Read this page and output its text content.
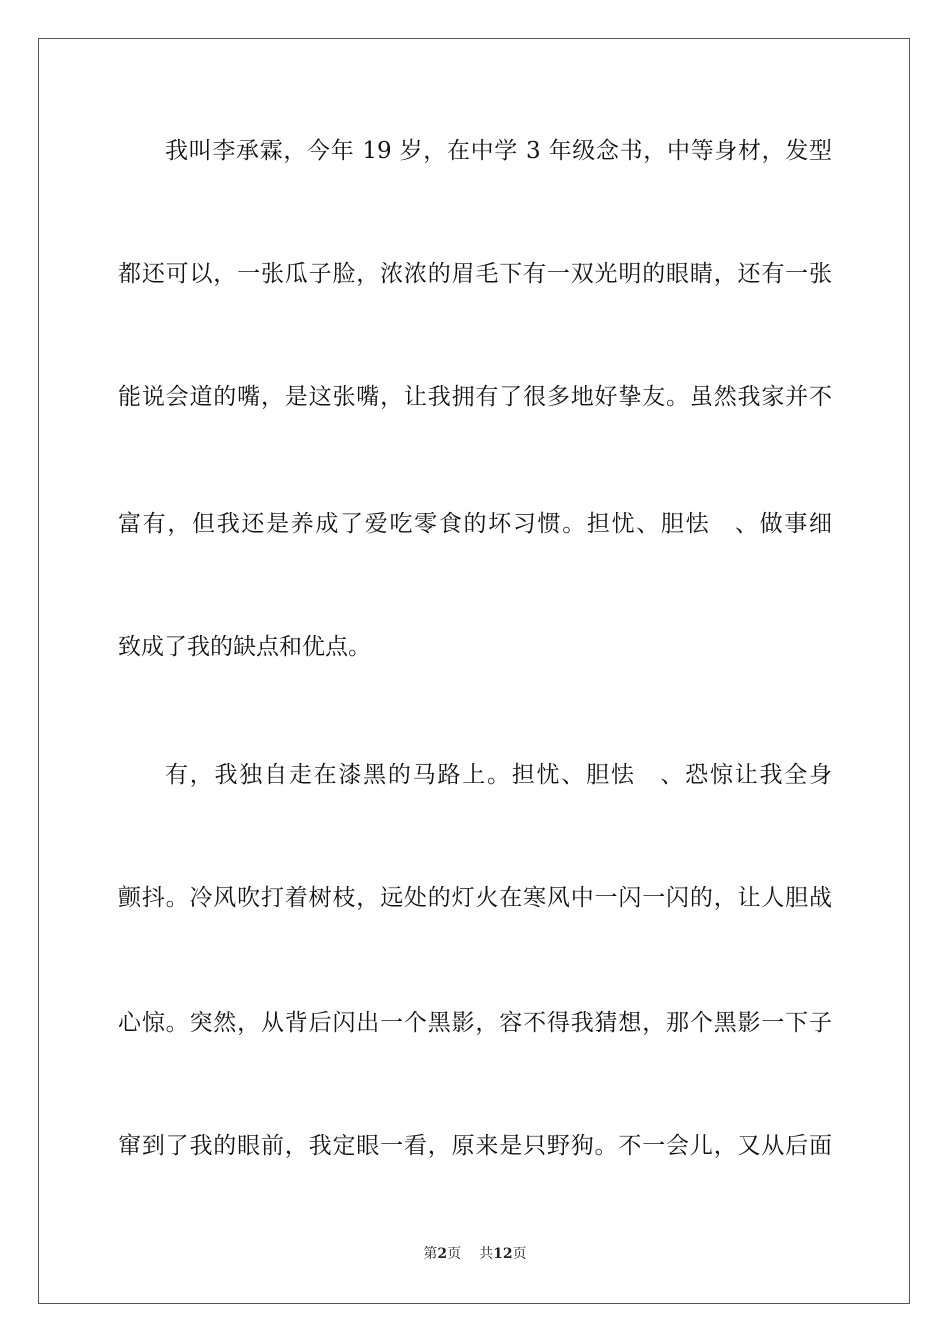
我叫李承霖，今年 19 岁，在中学 3 年级念书，中等身材，发型
都还可以，一张瓜子脸，浓浓的眉毛下有一双光明的眼睛，还有一张
能说会道的嘴，是这张嘴，让我拥有了很多地好挚友。虽然我家并不
富有，但我还是养成了爱吃零食的坏习惯。担忧、胆怯　、做事细
致成了我的缺点和优点。
有，我独自走在漆黑的马路上。担忧、胆怯　、恐惊让我全身
颤抖。冷风吹打着树枝，远处的灯火在寒风中一闪一闪的，让人胆战
心惊。突然，从背后闪出一个黑影，容不得我猜想，那个黑影一下子
窜到了我的眼前，我定眼一看，原来是只野狗。不一会儿，又从后面
第2页 共12页
